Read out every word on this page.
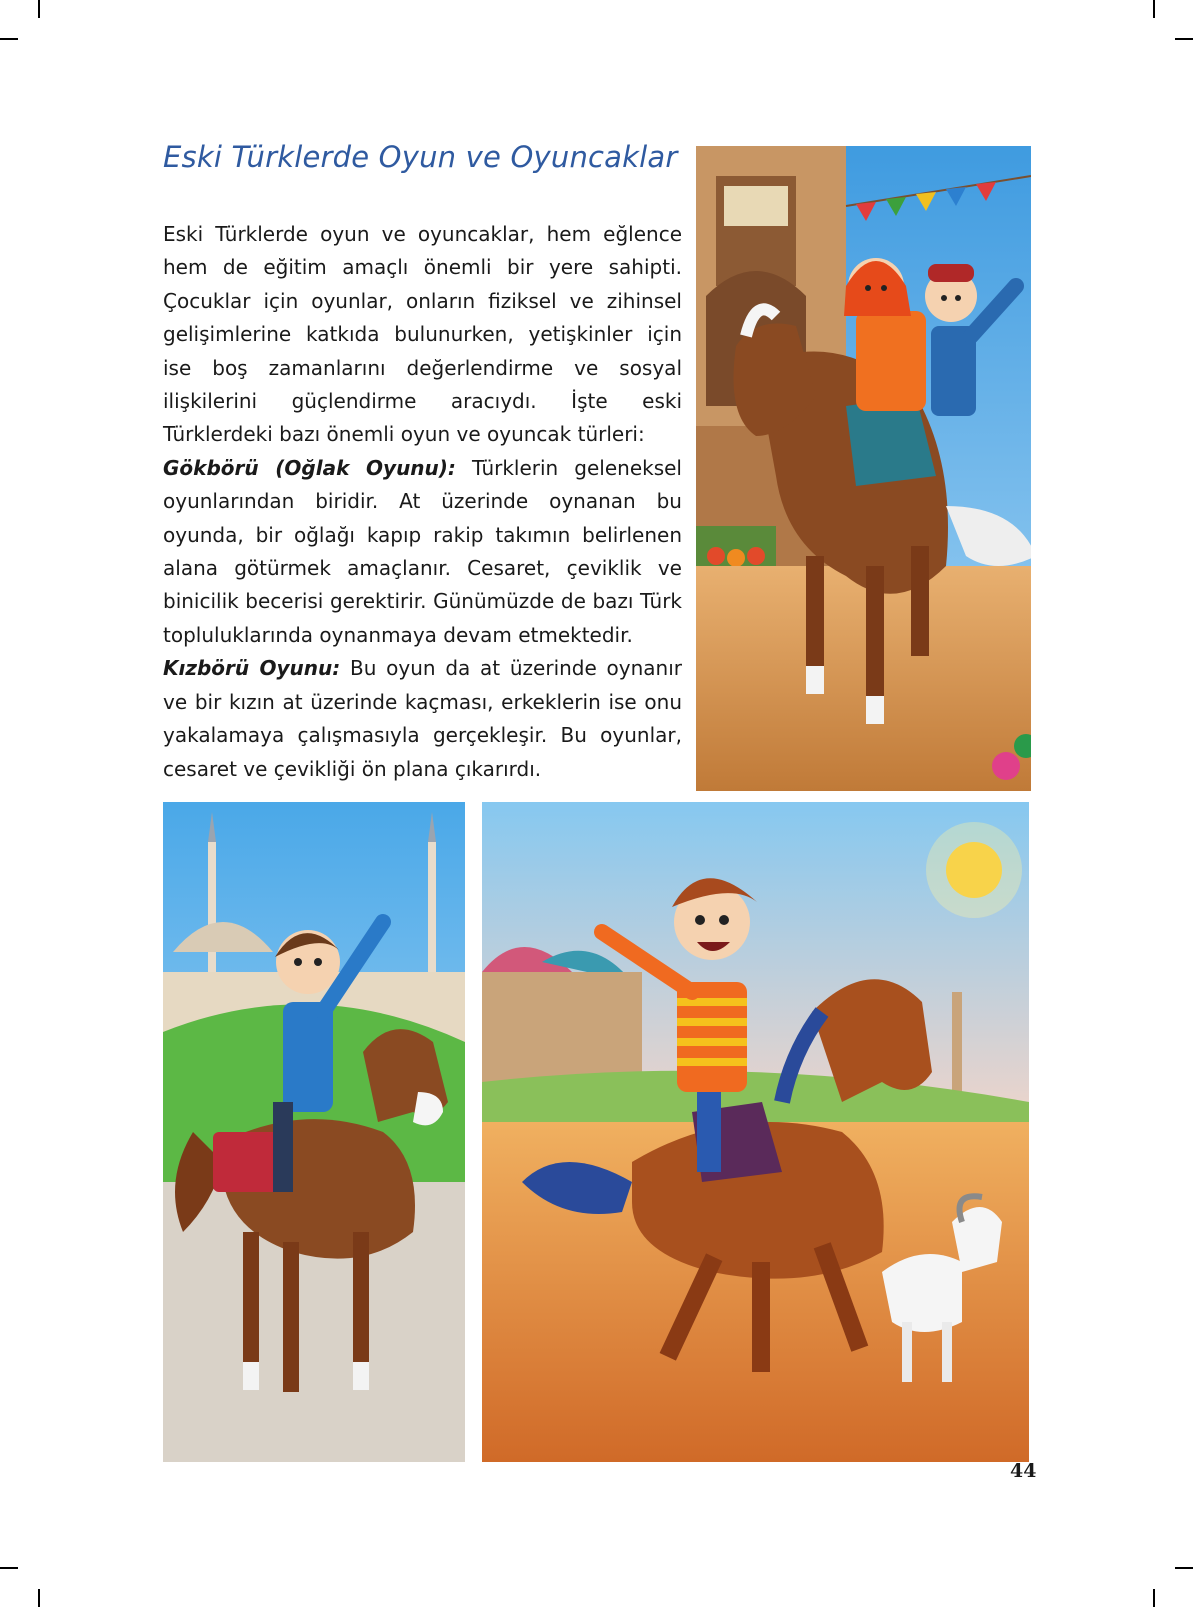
Eski Türklerde Oyun ve Oyuncaklar

Eski Türklerde oyun ve oyuncaklar, hem eğlence hem de eğitim amaçlı önemli bir yere sahipti. Çocuklar için oyunlar, onların fiziksel ve zihinsel gelişimlerine katkıda bulunurken, yetişkinler için ise boş zamanlarını değerlendirme ve sosyal ilişkilerini güçlendirme aracıydı. İşte eski Türklerdeki bazı önemli oyun ve oyuncak türleri:

Gökbörü (Oğlak Oyunu): Türklerin geleneksel oyunlarından biridir. At üzerinde oynanan bu oyunda, bir oğlağı kapıp rakip takımın belirlenen alana götürmek amaçlanır. Cesaret, çeviklik ve binicilik becerisi gerektirir. Günümüzde de bazı Türk topluluklarında oynanmaya devam etmektedir.

Kızbörü Oyunu: Bu oyun da at üzerinde oynanır ve bir kızın at üzerinde kaçması, erkeklerin ise onu yakalamaya çalışmasıyla gerçekleşir. Bu oyunlar, cesaret ve çevikliği ön plana çıkarırdı.

44
